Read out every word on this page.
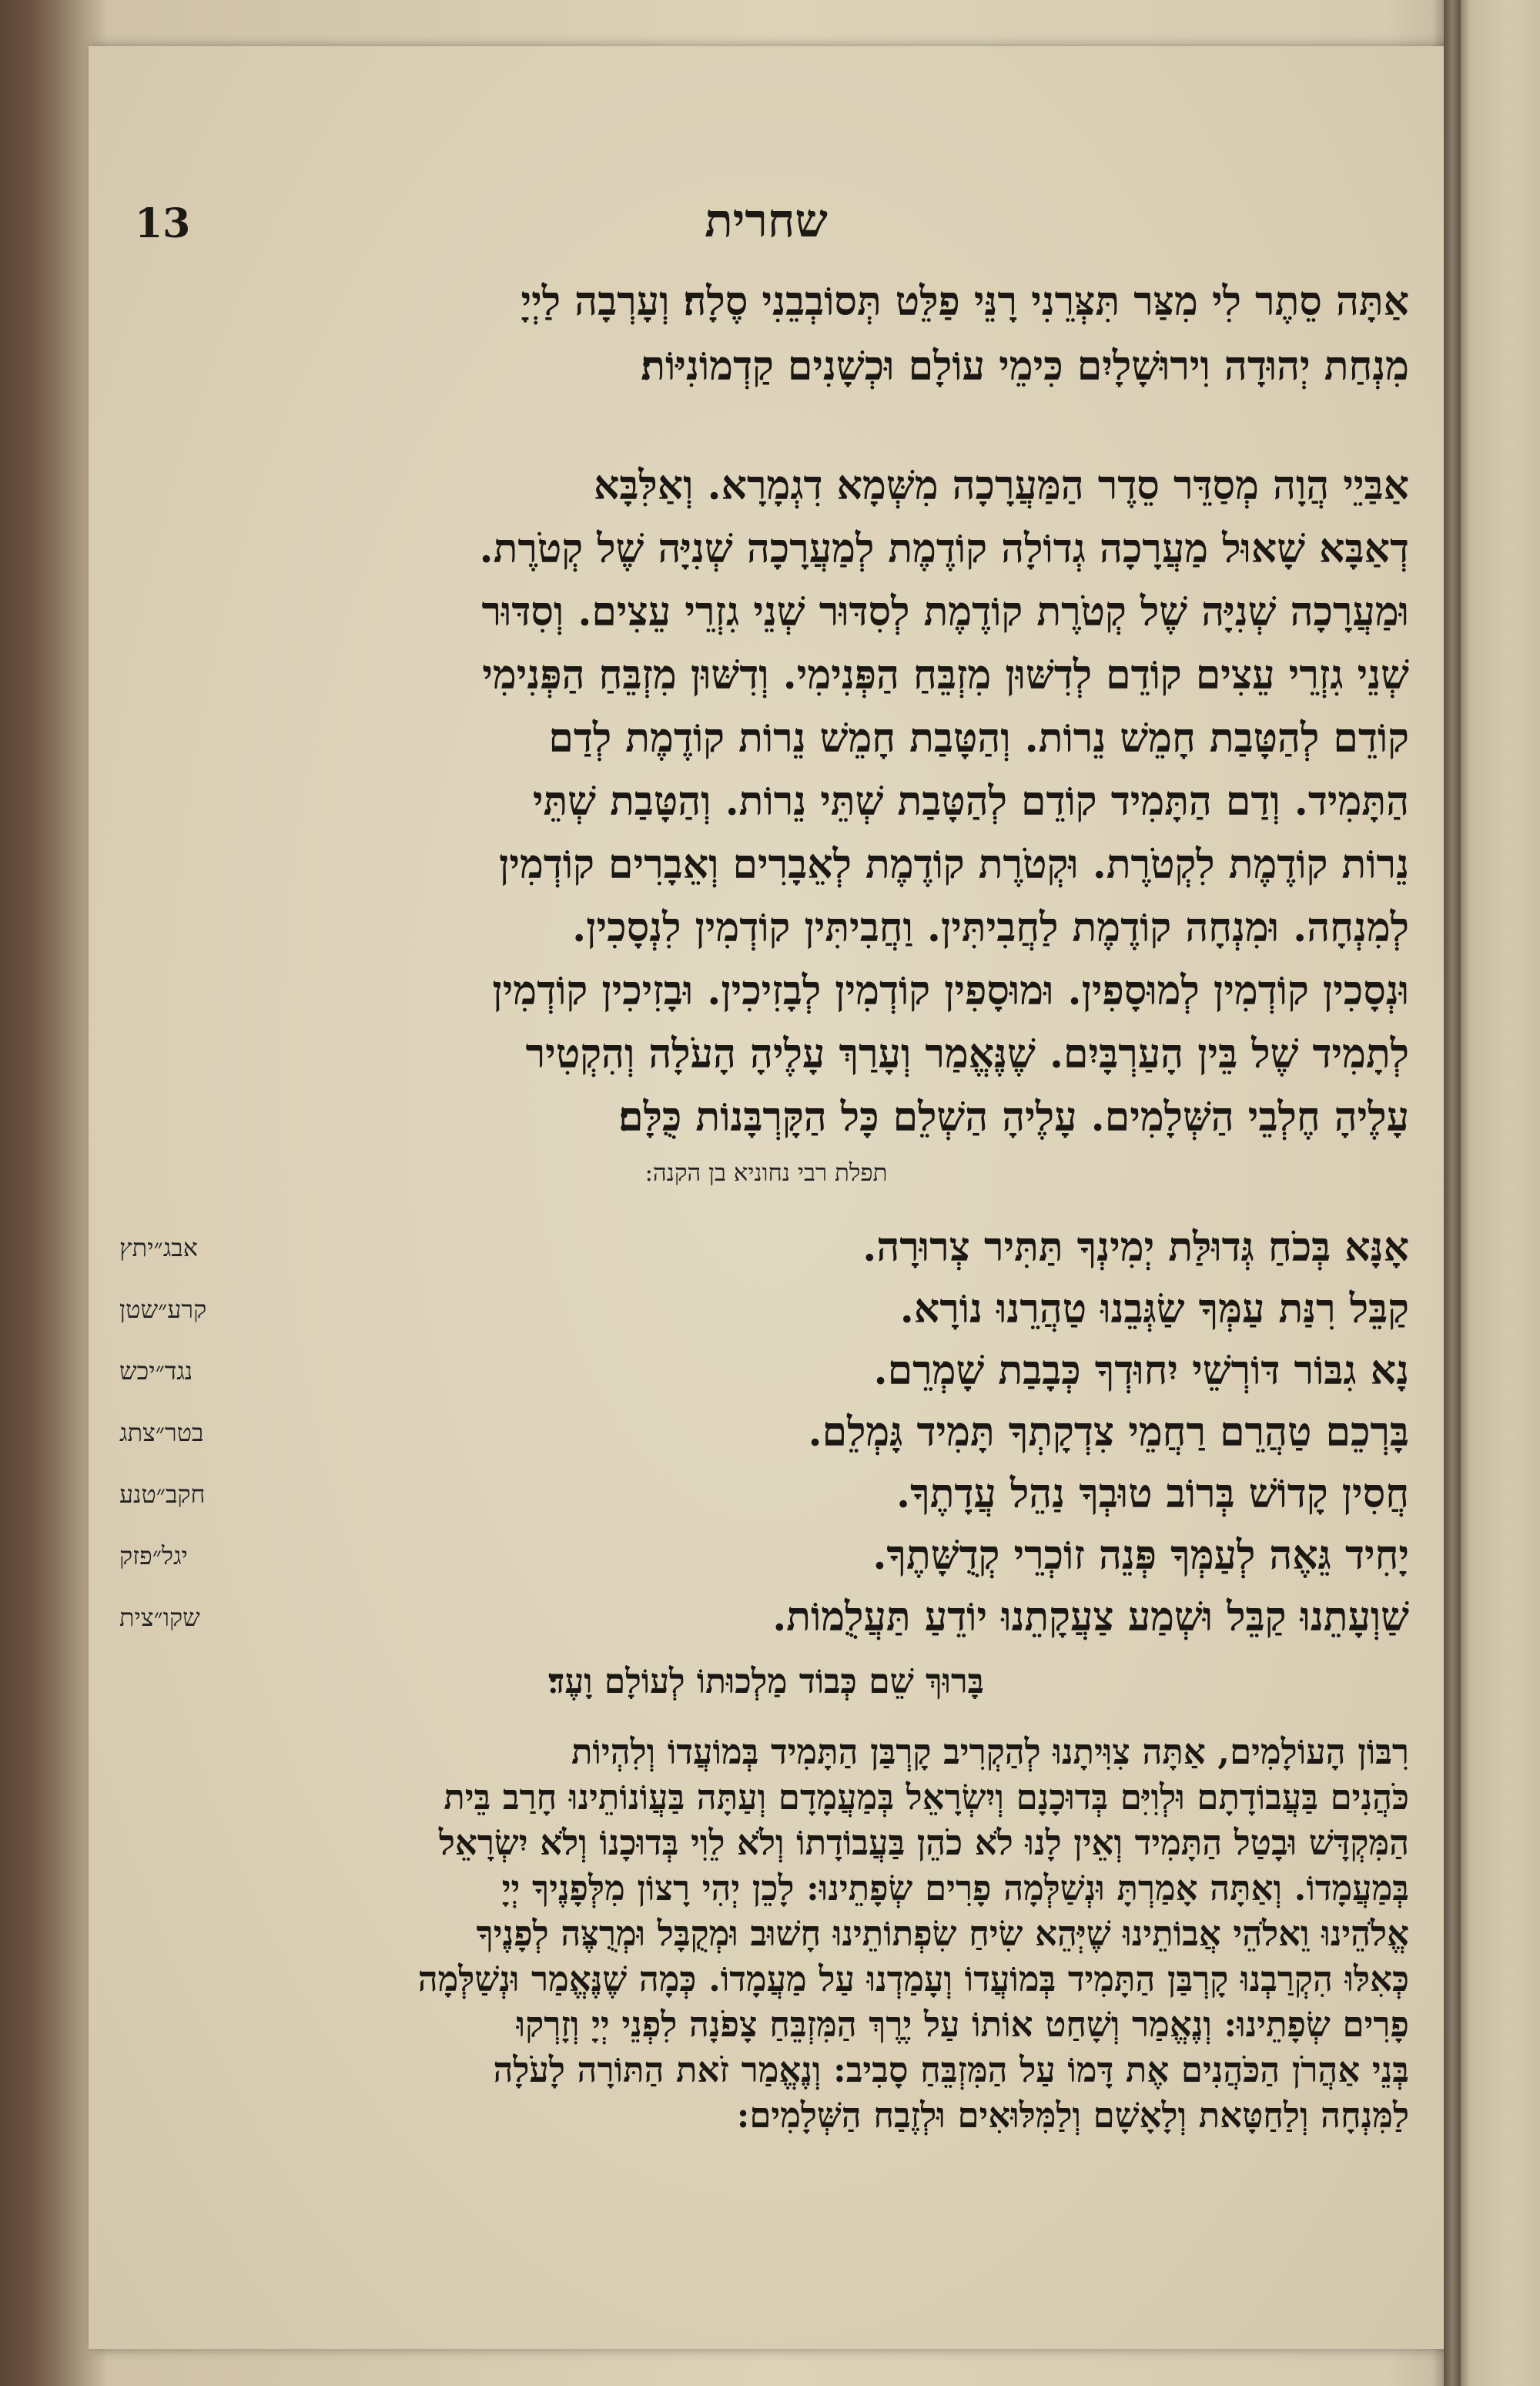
13	שחרית
אַתָּה סֵתֶר לִי מִצַּר תִּצְּרֵנִי רָנֵּי פַלֵּט תְּסוֹבְבֵנִי סֶלָה׃ וְעָרְבָה לַיְיָ
מִנְחַת יְהוּדָה וִירוּשָׁלָיִם כִּימֵי עוֹלָם וּכְשָׁנִים קַדְמוֹנִיּוֹת׃
אַבַּיֵי הֲוָה מְסַדֵּר סֵדֶר הַמַּעֲרָכָה מִשְּׁמָא דִגְמָרָא. וְאַלִּבָּא
דְאַבָּא שָׁאוּל מַעֲרָכָה גְדוֹלָה קוֹדֶמֶת לְמַעֲרָכָה שְׁנִיָּה שֶׁל קְטֹרֶת.
וּמַעֲרָכָה שְׁנִיָּה שֶׁל קְטֹרֶת קוֹדֶמֶת לְסִדּוּר שְׁנֵי גִזְרֵי עֵצִים. וְסִדּוּר
שְׁנֵי גִזְרֵי עֵצִים קוֹדֵם לְדִשּׁוּן מִזְבֵּחַ הַפְּנִימִי. וְדִשּׁוּן מִזְבֵּחַ הַפְּנִימִי
קוֹדֵם לְהַטָּבַת חָמֵשׁ נֵרוֹת. וְהַטָּבַת חָמֵשׁ נֵרוֹת קוֹדֶמֶת לְדַם
הַתָּמִיד. וְדַם הַתָּמִיד קוֹדֵם לְהַטָּבַת שְׁתֵּי נֵרוֹת. וְהַטָּבַת שְׁתֵּי
נֵרוֹת קוֹדֶמֶת לִקְטֹרֶת. וּקְטֹרֶת קוֹדֶמֶת לְאֵבָרִים וְאֵבָרִים קוֹדְמִין
לְמִנְחָה. וּמִנְחָה קוֹדֶמֶת לַחֲבִיתִּין. וַחֲבִיתִּין קוֹדְמִין לִנְסָכִין.
וּנְסָכִין קוֹדְמִין לְמוּסָפִין. וּמוּסָפִין קוֹדְמִין לְבָזִיכִין. וּבָזִיכִין קוֹדְמִין
לְתָמִיד שֶׁל בֵּין הָעַרְבָּיִם. שֶׁנֶּאֱמַר וְעָרַךְ עָלֶיהָ הָעֹלָה וְהִקְטִיר
עָלֶיהָ חֶלְבֵי הַשְּׁלָמִים. עָלֶיהָ הַשְׁלֵם כָּל הַקָּרְבָּנוֹת כֻּלָּם׃
תפלת רבי נחוניא בן הקנה:
אָנָּא בְּכֹחַ גְּדוּלַּת יְמִינְךָ תַּתִּיר צְרוּרָה.
קַבֵּל רִנַּת עַמְּךָ שַׂגְּבֵנוּ טַהֲרֵנוּ נוֹרָא.
נָא גִבּוֹר דּוֹרְשֵׁי יִחוּדְךָ כְּבָבַת שָׁמְרֵם.
בָּרְכֵם טַהֲרֵם רַחֲמֵי צִדְקָתְךָ תָּמִיד גָּמְלֵם.
חֲסִין קָדוֹשׁ בְּרוֹב טוּבְךָ נַהֵל עֲדָתֶךָ.
יָחִיד גֵּאֶה לְעַמְּךָ פְּנֵה זוֹכְרֵי קְדֻשָּׁתֶךָ.
שַׁוְעָתֵנוּ קַבֵּל וּשְׁמַע צַעֲקָתֵנוּ יוֹדֵעַ תַּעֲלֻמוֹת.
אבג״יתץ
קרע״שטן
נגד״יכש
בטר״צתג
חקב״טנע
יגל״פזק
שקו״צית
בָּרוּךְ שֵׁם כְּבוֹד מַלְכוּתוֹ לְעוֹלָם וָעֶד׃
רִבּוֹן הָעוֹלָמִים, אַתָּה צִוִּיתָנוּ לְהַקְרִיב קָרְבַּן הַתָּמִיד בְּמוֹעֲדוֹ וְלִהְיוֹת
כֹּהֲנִים בַּעֲבוֹדָתָם וּלְוִיִּם בְּדוּכָנָם וְיִשְׂרָאֵל בְּמַעֲמָדָם וְעַתָּה בַּעֲוֹנוֹתֵינוּ חָרַב בֵּית
הַמִּקְדָּשׁ וּבָטַל הַתָּמִיד וְאֵין לָנוּ לֹא כֹהֵן בַּעֲבוֹדָתוֹ וְלֹא לֵוִי בְּדוּכָנוֹ וְלֹא יִשְׂרָאֵל
בְּמַעֲמָדוֹ. וְאַתָּה אָמַרְתָּ וּנְשַׁלְּמָה פָרִים שְׂפָתֵינוּ: לָכֵן יְהִי רָצוֹן מִלְּפָנֶיךָ יְיָ
אֱלֹהֵינוּ וֵאלֹהֵי אֲבוֹתֵינוּ שֶׁיְּהֵא שִׂיחַ שִׂפְתוֹתֵינוּ חָשׁוּב וּמְקֻבָּל וּמְרֻצֶּה לְפָנֶיךָ
כְּאִלּוּ הִקְרַבְנוּ קָרְבַּן הַתָּמִיד בְּמוֹעֲדוֹ וְעָמַדְנוּ עַל מַעֲמָדוֹ. כְּמָה שֶׁנֶּאֱמַר וּנְשַׁלְּמָה
פָרִים שְׂפָתֵינוּ: וְנֶאֱמַר וְשָׁחַט אוֹתוֹ עַל יֶרֶךְ הַמִּזְבֵּחַ צָפֹנָה לִפְנֵי יְיָ וְזָרְקוּ
בְּנֵי אַהֲרֹן הַכֹּהֲנִים אֶת דָּמוֹ עַל הַמִּזְבֵּחַ סָבִיב: וְנֶאֱמַר זֹאת הַתּוֹרָה לָעֹלָה
לַמִּנְחָה וְלַחַטָּאת וְלָאָשָׁם וְלַמִּלּוּאִים וּלְזֶבַח הַשְּׁלָמִים:
